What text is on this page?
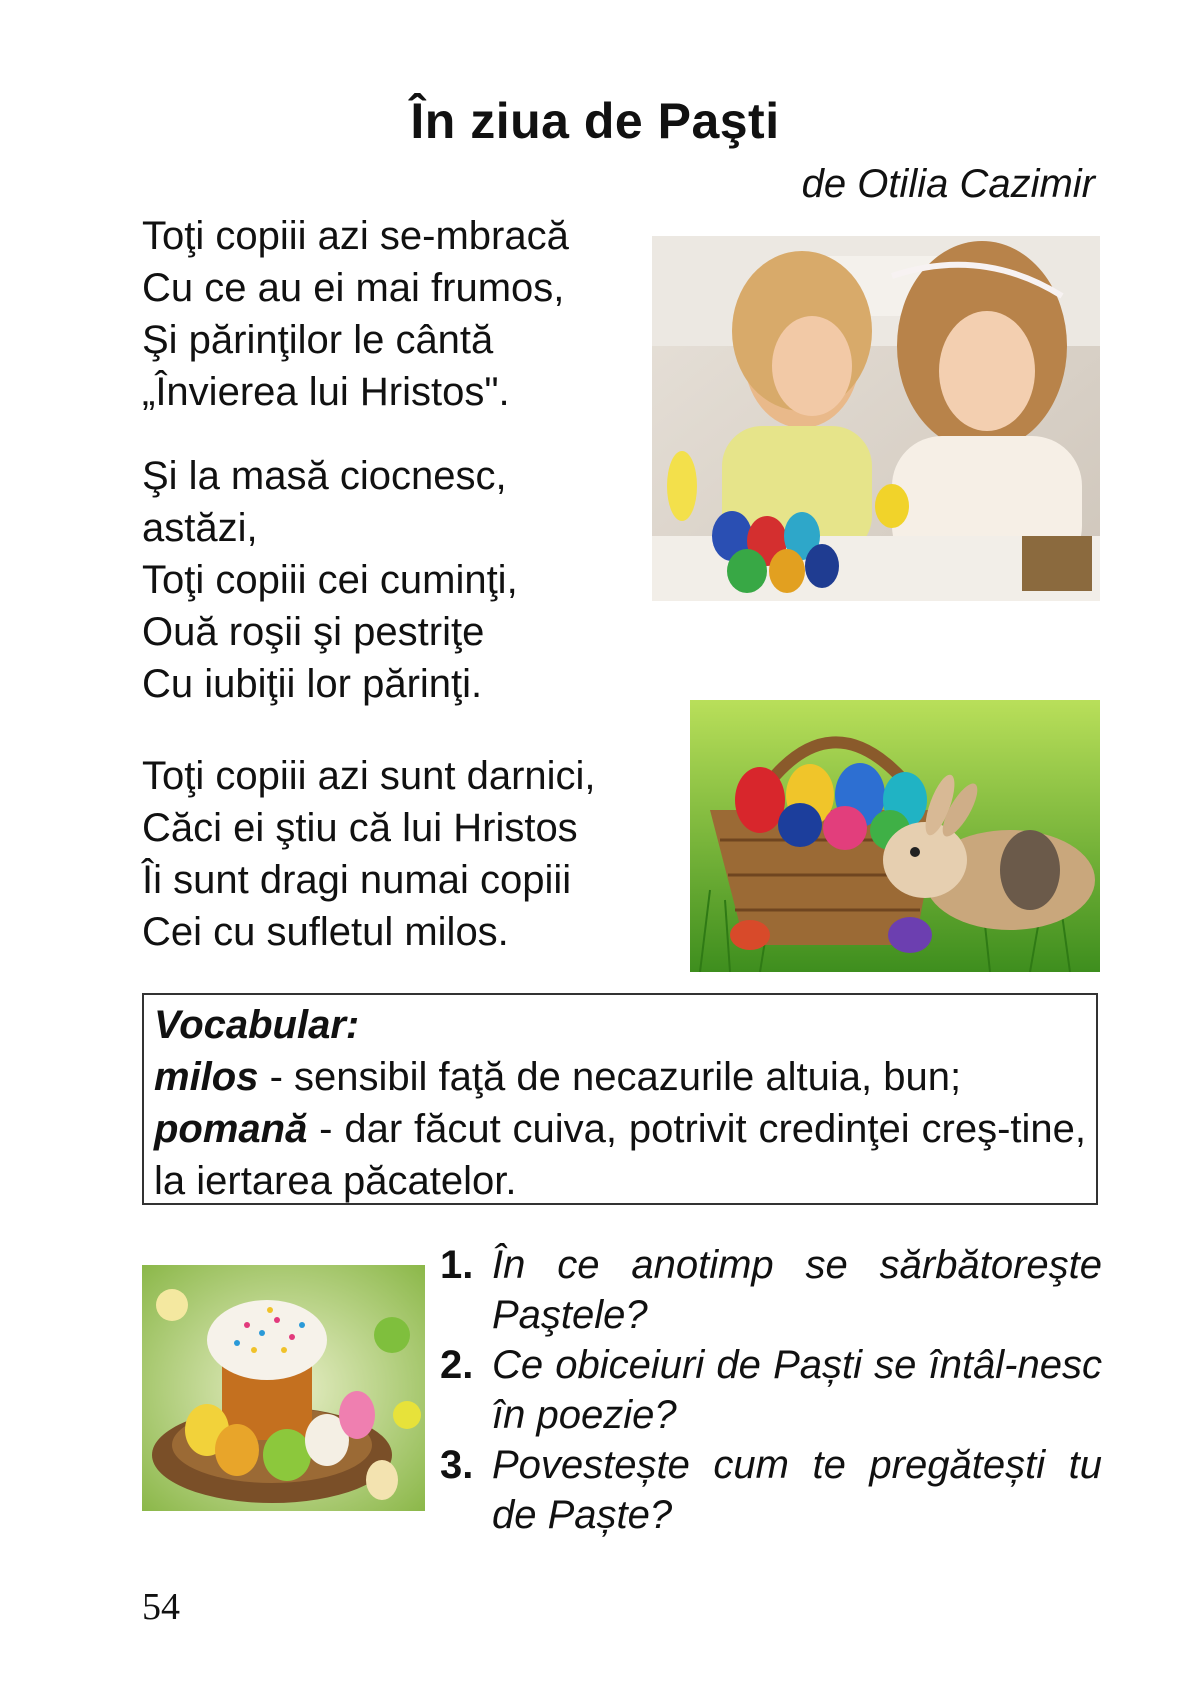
În ziua de Paşti
de Otilia Cazimir
Toţi copiii azi se-mbracă
Cu ce au ei mai frumos,
Şi părinţilor le cântă
„Învierea lui Hristos".
Şi la masă ciocnesc,
astăzi,
Toţi copiii cei cuminţi,
Ouă roşii şi pestriţe
Cu iubiţii lor părinţi.
Toţi copiii azi sunt darnici,
Căci ei ştiu că lui Hristos
Îi sunt dragi numai copiii
Cei cu sufletul milos.
Vocabular:
milos - sensibil faţă de necazurile altuia, bun;
pomană - dar făcut cuiva, potrivit credinţei creş-tine, la iertarea păcatelor.
1. În ce anotimp se sărbătoreşte Paştele?
2. Ce obiceiuri de Paști se întâl-nesc în poezie?
3. Povestește cum te pregătești tu de Paște?
54
